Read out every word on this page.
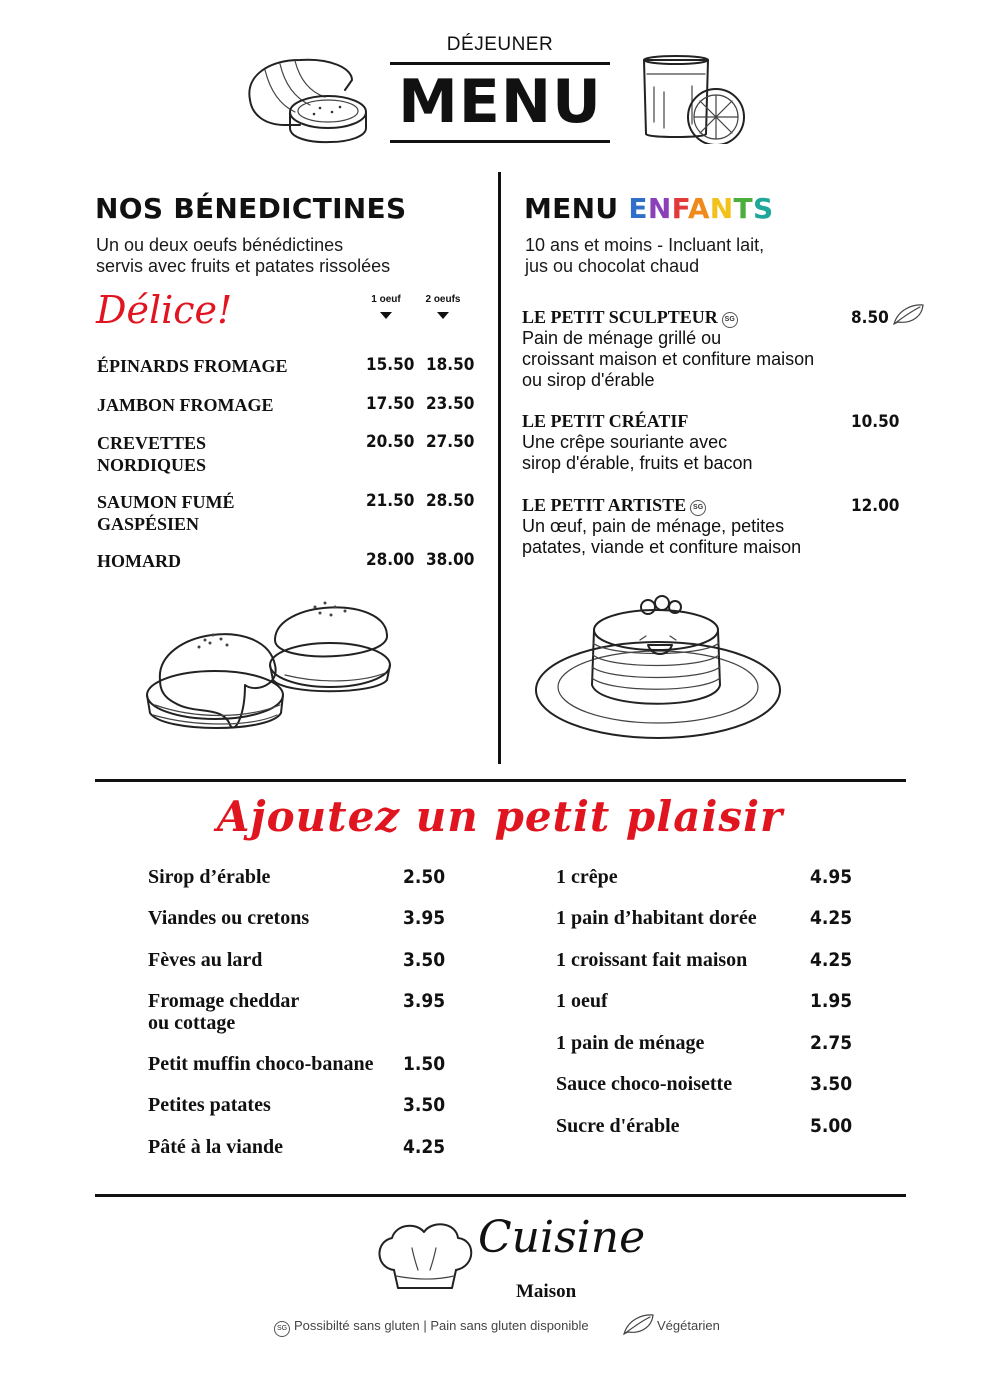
DÉJEUNER
MENU
NOS BÉNEDICTINES
Un ou deux oeufs bénédictines
servis avec fruits et patates rissolées
Délice!	1 oeuf	2 oeufs
ÉPINARDS FROMAGE	15.50 18.50
JAMBON FROMAGE	17.50 23.50
CREVETTES
NORDIQUES
20.50 27.50
SAUMON FUMÉ
GASPÉSIEN
21.50 28.50
HOMARD	28.00 38.00
MENU ENFANTS
10 ans et moins - Incluant lait,
jus ou chocolat chaud
LE PETIT SCULPTEUR SG
Pain de ménage grillé ou
croissant maison et confiture maison
ou sirop d'érable
8.50
LE PETIT CRÉATIF
Une crêpe souriante avec
sirop d'érable, fruits et bacon
10.50
LE PETIT ARTISTE SG
Un œuf, pain de ménage, petites
patates, viande et confiture maison
12.00
Ajoutez un petit plaisir
Sirop d’érable	2.50
Viandes ou cretons	3.95
Fèves au lard	3.50
Fromage cheddar
ou cottage
3.95
Petit muffin choco-banane	1.50
Petites patates	3.50
Pâté à la viande	4.25
1 crêpe	4.95
1 pain d’habitant dorée	4.25
1 croissant fait maison	4.25
1 oeuf	1.95
1 pain de ménage	2.75
Sauce choco-noisette	3.50
Sucre d'érable	5.00
Cuisine
Maison
SG Possibilté sans gluten | Pain sans gluten disponible	Végétarien
